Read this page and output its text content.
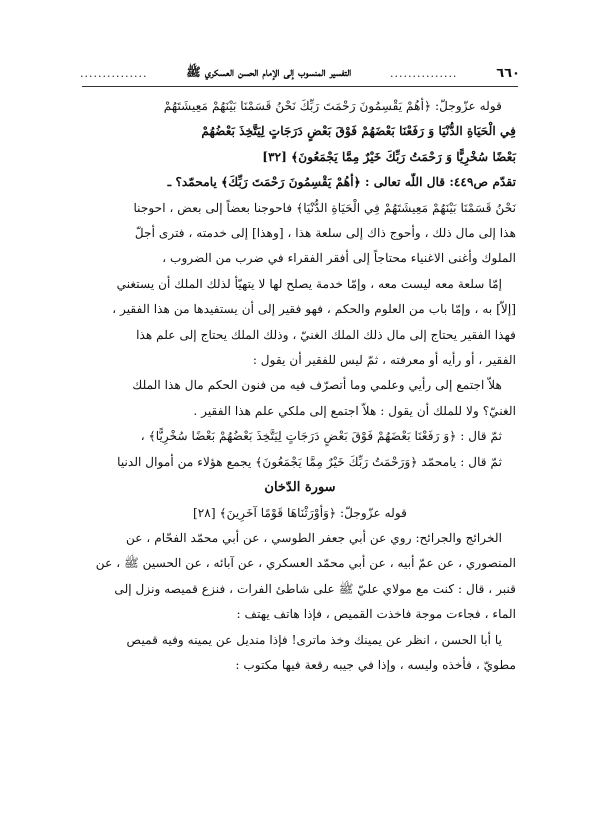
٦٦٠
...............
التفسير المنسوب إلى الإمام الحسن العسكري ﷺ
...............

قوله عزّوجلّ: ﴿أهُمْ يَقْسِمُونَ رَحْمَتَ رَبِّكَ نَحْنُ قَسَمْنَا بَيْنَهُمْ مَعِيشَتَهُمْ

فِي الْحَيَاةِ الدُّنْيَا وَ رَفَعْنَا بَعْضَهُمْ فَوْقَ بَعْضٍ دَرَجَاتٍ لِيَتَّخِذَ بَعْضُهُمْ

بَعْضًا سُخْرِيًّا وَ رَحْمَتُ رَبِّكَ خَيْرٌ مِمَّا يَجْمَعُونَ﴾ [٣٢]

تقدّم ص٤٤٩: قال اللّه تعالى : ﴿أهُمْ يَقْسِمُونَ رَحْمَتَ رَبِّكَ﴾ يامحمّد؟ ـ

نَحْنُ قَسَمْنَا بَيْنَهُمْ مَعِيشَتَهُمْ فِي الْحَيَاةِ الدُّنْيَا﴾ فاحوجنا بعضاً إلى بعض ، احوجنا

هذا إلى مال ذلك ، وأحوج ذاك إلى سلعة هذا ، [وهذا] إلى خدمته ، فترى أجلّ

الملوك وأغنى الاغنياء محتاجاً إلى أفقر الفقراء في ضرب من الضروب ،

إمّا سلعة معه ليست معه ، وإمّا خدمة يصلح لها لا يتهيّأ لذلك الملك أن يستغني

[إلاّ] به ، وإمّا باب من العلوم والحكم ، فهو فقير إلى أن يستفيدها من هذا الفقير ،

فهذا الفقير يحتاج إلى مال ذلك الملك الغنيّ ، وذلك الملك يحتاج إلى علم هذا

الفقير ، أو رأيه أو معرفته ، ثمّ ليس للفقير أن يقول :

هلاّ اجتمع إلى رأيي وعلمي وما أتصرّف فيه من فنون الحكم مال هذا الملك

الغنيّ؟ ولا للملك أن يقول : هلاّ اجتمع إلى ملكي علم هذا الفقير .

ثمّ قال : ﴿وَ رَفَعْنَا بَعْضَهُمْ فَوْقَ بَعْضٍ دَرَجَاتٍ لِيَتَّخِذَ بَعْضُهُمْ بَعْضًا سُخْرِيًّا﴾ ،

ثمّ قال : يامحمّد ﴿وَرَحْمَتُ رَبِّكَ خَيْرٌ مِمَّا يَجْمَعُونَ﴾ يجمع هؤلاء من أموال الدنيا

سورة الدّخان

قوله عزّوجلّ: ﴿وَأوْرَثْنَاهَا قَوْمًا آخَرِينَ﴾ [٢٨]

الخرائج والجرائح: روي عن أبي جعفر الطوسي ، عن أبي محمّد الفحّام ، عن

المنصوري ، عن عمّ أبيه ، عن أبي محمّد العسكري ، عن آبائه ، عن الحسين ﷺ ، عن

قنبر ، قال : كنت مع مولاي عليّ ﷺ على شاطئ الفرات ، فنزع قميصه ونزل إلى

الماء ، فجاءت موجة فاخذت القميص ، فإذا هاتف يهتف :

يا أبا الحسن ، انظر عن يمينك وخذ ماترى! فإذا منديل عن يمينه وفيه قميص

مطويّ ، فأخذه وليسه ، وإذا في جيبه رقعة فيها مكتوب :
